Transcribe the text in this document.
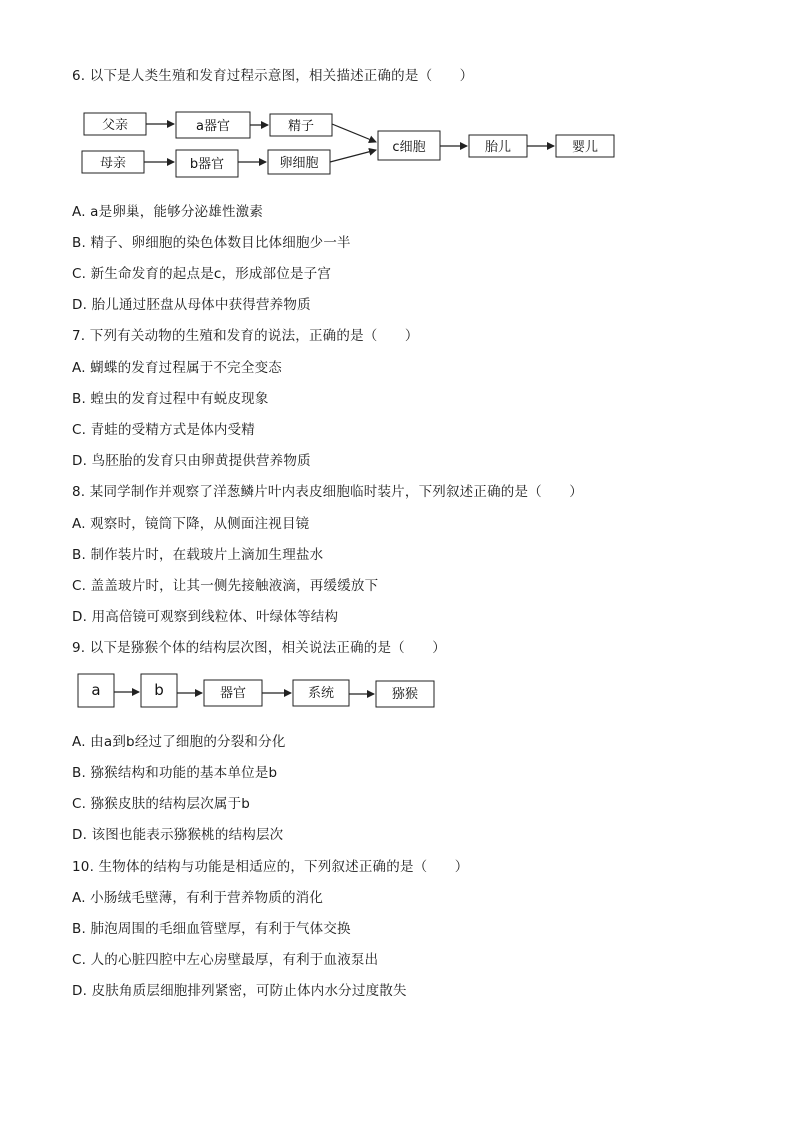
6. 以下是人类生殖和发育过程示意图，相关描述正确的是（　　）
父亲	a器官	精子
母亲	b器官	卵细胞
c细胞	胎儿	婴儿
A. a是卵巢，能够分泌雄性激素
B. 精子、卵细胞的染色体数目比体细胞少一半
C. 新生命发育的起点是c，形成部位是子宫
D. 胎儿通过胚盘从母体中获得营养物质
7. 下列有关动物的生殖和发育的说法，正确的是（　　）
A. 蝴蝶的发育过程属于不完全变态
B. 蝗虫的发育过程中有蜕皮现象
C. 青蛙的受精方式是体内受精
D. 鸟胚胎的发育只由卵黄提供营养物质
8. 某同学制作并观察了洋葱鳞片叶内表皮细胞临时装片，下列叙述正确的是（　　）
A. 观察时，镜筒下降，从侧面注视目镜
B. 制作装片时，在载玻片上滴加生理盐水
C. 盖盖玻片时，让其一侧先接触液滴，再缓缓放下
D. 用高倍镜可观察到线粒体、叶绿体等结构
9. 以下是猕猴个体的结构层次图，相关说法正确的是（　　）
a	b	器官	系统	猕猴
A. 由a到b经过了细胞的分裂和分化
B. 猕猴结构和功能的基本单位是b
C. 猕猴皮肤的结构层次属于b
D. 该图也能表示猕猴桃的结构层次
10. 生物体的结构与功能是相适应的，下列叙述正确的是（　　）
A. 小肠绒毛壁薄，有利于营养物质的消化
B. 肺泡周围的毛细血管壁厚，有利于气体交换
C. 人的心脏四腔中左心房壁最厚，有利于血液泵出
D. 皮肤角质层细胞排列紧密，可防止体内水分过度散失
